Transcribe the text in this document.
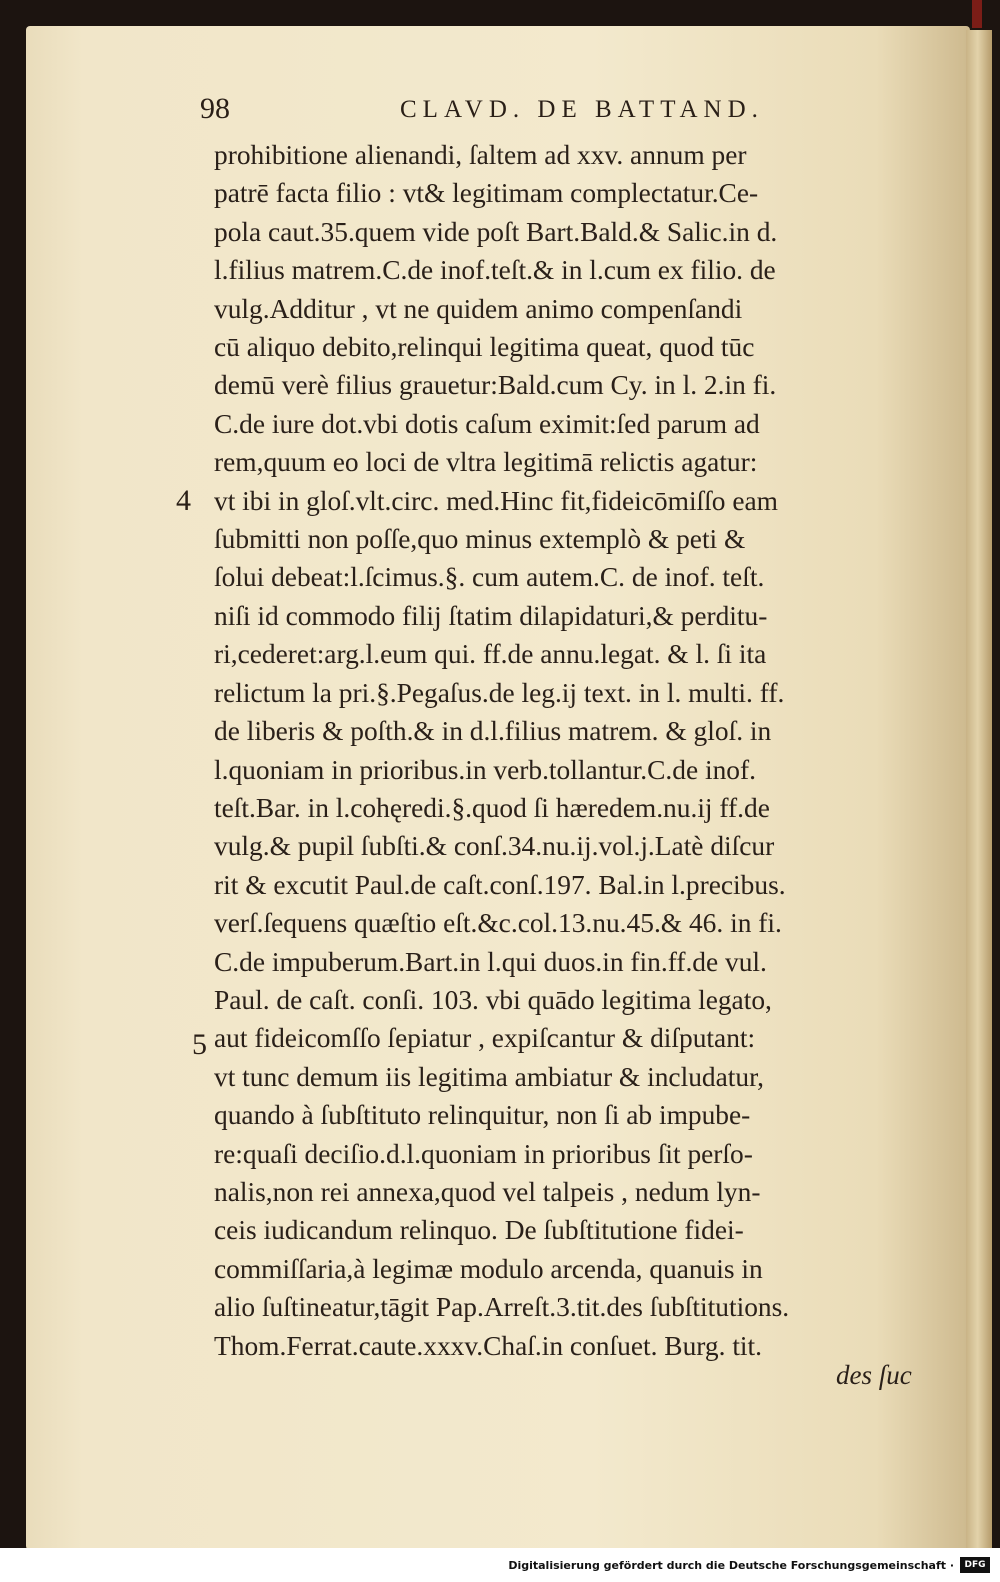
98	CLAVD. DE BATTAND.
4
5
prohibitione alienandi, ſaltem ad xxv. annum per
patrē facta filio : vt& legitimam complectatur.Ce-
pola caut.35.quem vide poſt Bart.Bald.& Salic.in d.
l.filius matrem.C.de inof.teſt.& in l.cum ex filio. de
vulg.Additur , vt ne quidem animo compenſandi
cū aliquo debito,relinqui legitima queat, quod tūc
demū verè filius grauetur:Bald.cum Cy. in l. 2.in fi.
C.de iure dot.vbi dotis caſum eximit:ſed parum ad
rem,quum eo loci de vltra legitimā relictis agatur:
vt ibi in gloſ.vlt.circ. med.Hinc fit,fideicōmiſſo eam
ſubmitti non poſſe,quo minus extemplò & peti &
ſolui debeat:l.ſcimus.§. cum autem.C. de inof. teſt.
niſi id commodo filij ſtatim dilapidaturi,& perditu-
ri,cederet:arg.l.eum qui. ff.de annu.legat. & l. ſi ita
relictum la pri.§.Pegaſus.de leg.ij text. in l. multi. ff.
de liberis & poſth.& in d.l.filius matrem. & gloſ. in
l.quoniam in prioribus.in verb.tollantur.C.de inof.
teſt.Bar. in l.cohęredi.§.quod ſi hæredem.nu.ij ff.de
vulg.& pupil ſubſti.& conſ.34.nu.ij.vol.j.Latè diſcur
rit & excutit Paul.de caſt.conſ.197. Bal.in l.precibus.
verſ.ſequens quæſtio eſt.&c.col.13.nu.45.& 46. in fi.
C.de impuberum.Bart.in l.qui duos.in fin.ff.de vul.
Paul. de caſt. conſi. 103. vbi quādo legitima legato,
aut fideicomſſo ſepiatur , expiſcantur & diſputant:
vt tunc demum iis legitima ambiatur & includatur,
quando à ſubſtituto relinquitur, non ſi ab impube-
re:quaſi deciſio.d.l.quoniam in prioribus ſit perſo-
nalis,non rei annexa,quod vel talpeis , nedum lyn-
ceis iudicandum relinquo. De ſubſtitutione fidei-
commiſſaria,à legimæ modulo arcenda, quanuis in
alio ſuſtineatur,tāgit Pap.Arreſt.3.tit.des ſubſtitutions.
Thom.Ferrat.caute.xxxv.Chaſ.in conſuet. Burg. tit.
des ſuc
Digitalisierung gefördert durch die Deutsche Forschungsgemeinschaft ·	DFG
